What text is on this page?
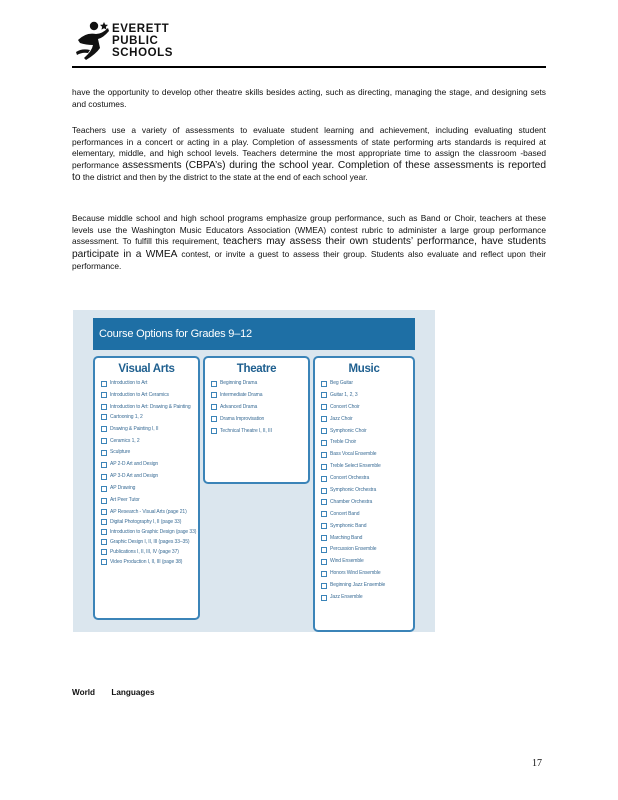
EVERETT
PUBLIC
SCHOOLS
have the opportunity to develop other theatre skills besides acting, such as directing, managing the stage, and designing sets and costumes.
Teachers use a variety of assessments to evaluate student learning and achievement, including evaluating student performances in a concert or acting in a play. Completion of assessments of state performing arts standards is required at elementary, middle, and high school levels. Teachers determine the most appropriate time to assign the classroom -based performance assessments (CBPA’s) during the school year. Completion of these assessments is reported to the district and then by the district to the state at the end of each school year.
Because middle school and high school programs emphasize group performance, such as Band or Choir, teachers at these levels use the Washington Music Educators Association (WMEA) contest rubric to administer a large group performance assessment. To fulfill this requirement, teachers may assess their own students’ performance, have students participate in a WMEA contest, or invite a guest to assess their group. Students also evaluate and reflect upon their performance.
Course Options for Grades 9–12
Visual Arts
Introduction to Art
Introduction to Art Ceramics
Introduction to Art: Drawing & Painting
Cartooning 1, 2
Drawing & Painting I, II
Ceramics 1, 2
Sculpture
AP 2-D Art and Design
AP 3-D Art and Design
AP Drawing
Art Peer Tutor
AP Research - Visual Arts (page 21)
Digital Photography I, II (page 33)
Introduction to Graphic Design (page 33)
Graphic Design I, II, III (pages 33–35)
Publications I, II, III, IV (page 37)
Video Production I, II, III (page 38)
Theatre
Beginning Drama
Intermediate Drama
Advanced Drama
Drama Improvisation
Technical Theatre I, II, III
Music
Beg Guitar
Guitar 1, 2, 3
Concert Choir
Jazz Choir
Symphonic Choir
Treble Choir
Bass Vocal Ensemble
Treble Select Ensemble
Concert Orchestra
Symphonic Orchestra
Chamber Orchestra
Concert Band
Symphonic Band
Marching Band
Percussion Ensemble
Wind Ensemble
Honors Wind Ensemble
Beginning Jazz Ensemble
Jazz Ensemble
World Languages
17
